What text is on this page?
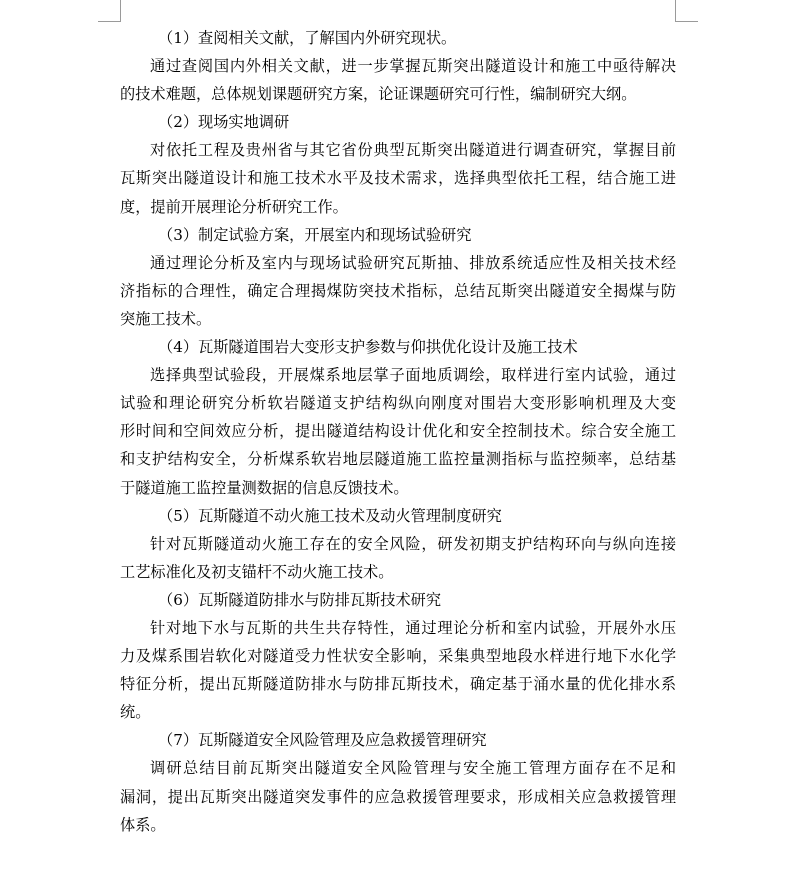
（1）查阅相关文献，了解国内外研究现状。
通过查阅国内外相关文献，进一步掌握瓦斯突出隧道设计和施工中亟待解决
的技术难题，总体规划课题研究方案，论证课题研究可行性，编制研究大纲。
（2）现场实地调研
对依托工程及贵州省与其它省份典型瓦斯突出隧道进行调查研究，掌握目前
瓦斯突出隧道设计和施工技术水平及技术需求，选择典型依托工程，结合施工进
度，提前开展理论分析研究工作。
（3）制定试验方案，开展室内和现场试验研究
通过理论分析及室内与现场试验研究瓦斯抽、排放系统适应性及相关技术经
济指标的合理性，确定合理揭煤防突技术指标，总结瓦斯突出隧道安全揭煤与防
突施工技术。
（4）瓦斯隧道围岩大变形支护参数与仰拱优化设计及施工技术
选择典型试验段，开展煤系地层掌子面地质调绘，取样进行室内试验，通过
试验和理论研究分析软岩隧道支护结构纵向刚度对围岩大变形影响机理及大变
形时间和空间效应分析，提出隧道结构设计优化和安全控制技术。综合安全施工
和支护结构安全，分析煤系软岩地层隧道施工监控量测指标与监控频率，总结基
于隧道施工监控量测数据的信息反馈技术。
（5）瓦斯隧道不动火施工技术及动火管理制度研究
针对瓦斯隧道动火施工存在的安全风险，研发初期支护结构环向与纵向连接
工艺标准化及初支锚杆不动火施工技术。
（6）瓦斯隧道防排水与防排瓦斯技术研究
针对地下水与瓦斯的共生共存特性，通过理论分析和室内试验，开展外水压
力及煤系围岩软化对隧道受力性状安全影响，采集典型地段水样进行地下水化学
特征分析，提出瓦斯隧道防排水与防排瓦斯技术，确定基于涌水量的优化排水系
统。
（7）瓦斯隧道安全风险管理及应急救援管理研究
调研总结目前瓦斯突出隧道安全风险管理与安全施工管理方面存在不足和
漏洞，提出瓦斯突出隧道突发事件的应急救援管理要求，形成相关应急救援管理
体系。
